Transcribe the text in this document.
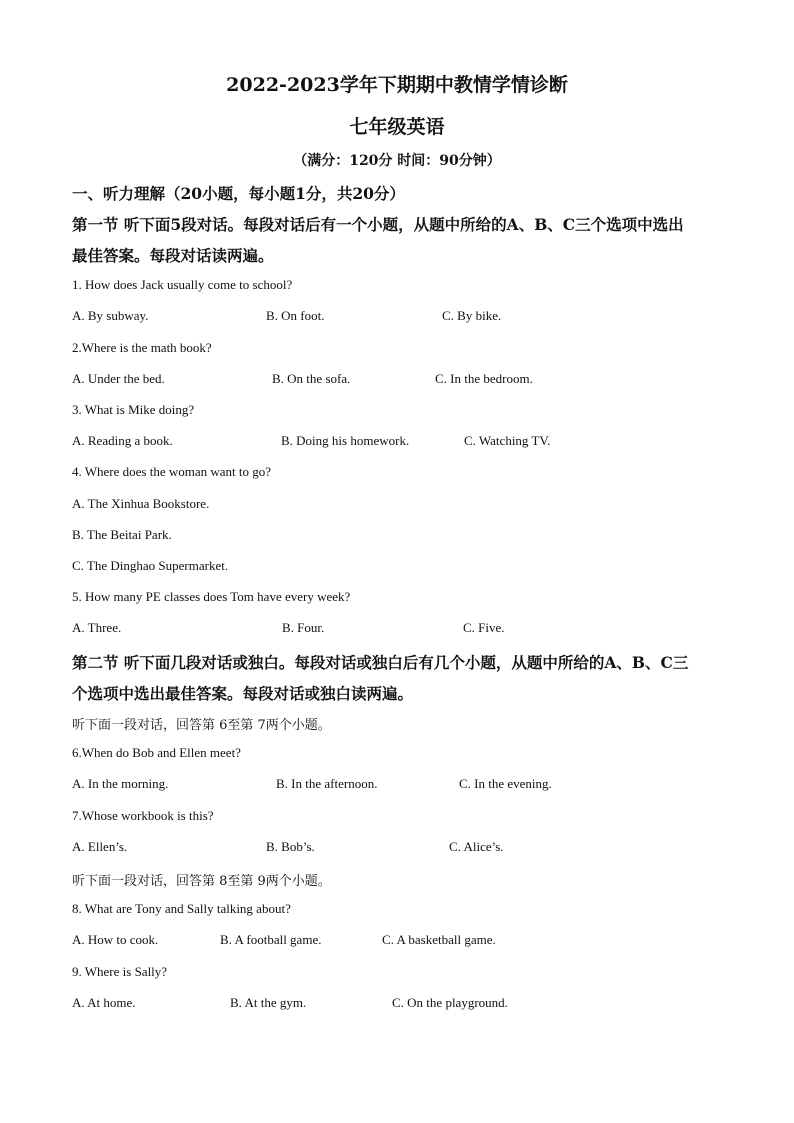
2022-2023学年下期期中教情学情诊断
七年级英语
（满分：120分 时间：90分钟）
一、听力理解（20小题，每小题1分，共20分）
第一节 听下面5段对话。每段对话后有一个小题，从题中所给的A、B、C三个选项中选出
最佳答案。每段对话读两遍。
1. How does Jack usually come to school?
A. By subway.	B. On foot.	C. By bike.
2.Where is the math book?
A. Under the bed.	B. On the sofa.	C. In the bedroom.
3. What is Mike doing?
A. Reading a book.	B. Doing his homework.	C. Watching TV.
4. Where does the woman want to go?
A. The Xinhua Bookstore.
B. The Beitai Park.
C. The Dinghao Supermarket.
5. How many PE classes does Tom have every week?
A. Three.	B. Four.	C. Five.
第二节 听下面几段对话或独白。每段对话或独白后有几个小题，从题中所给的A、B、C三
个选项中选出最佳答案。每段对话或独白读两遍。
听下面一段对话，回答第 6至第 7两个小题。
6.When do Bob and Ellen meet?
A. In the morning.	B. In the afternoon.	C. In the evening.
7.Whose workbook is this?
A. Ellen’s.	B. Bob’s.	C. Alice’s.
听下面一段对话，回答第 8至第 9两个小题。
8. What are Tony and Sally talking about?
A. How to cook.	B. A football game.	C. A basketball game.
9. Where is Sally?
A. At home.	B. At the gym.	C. On the playground.
